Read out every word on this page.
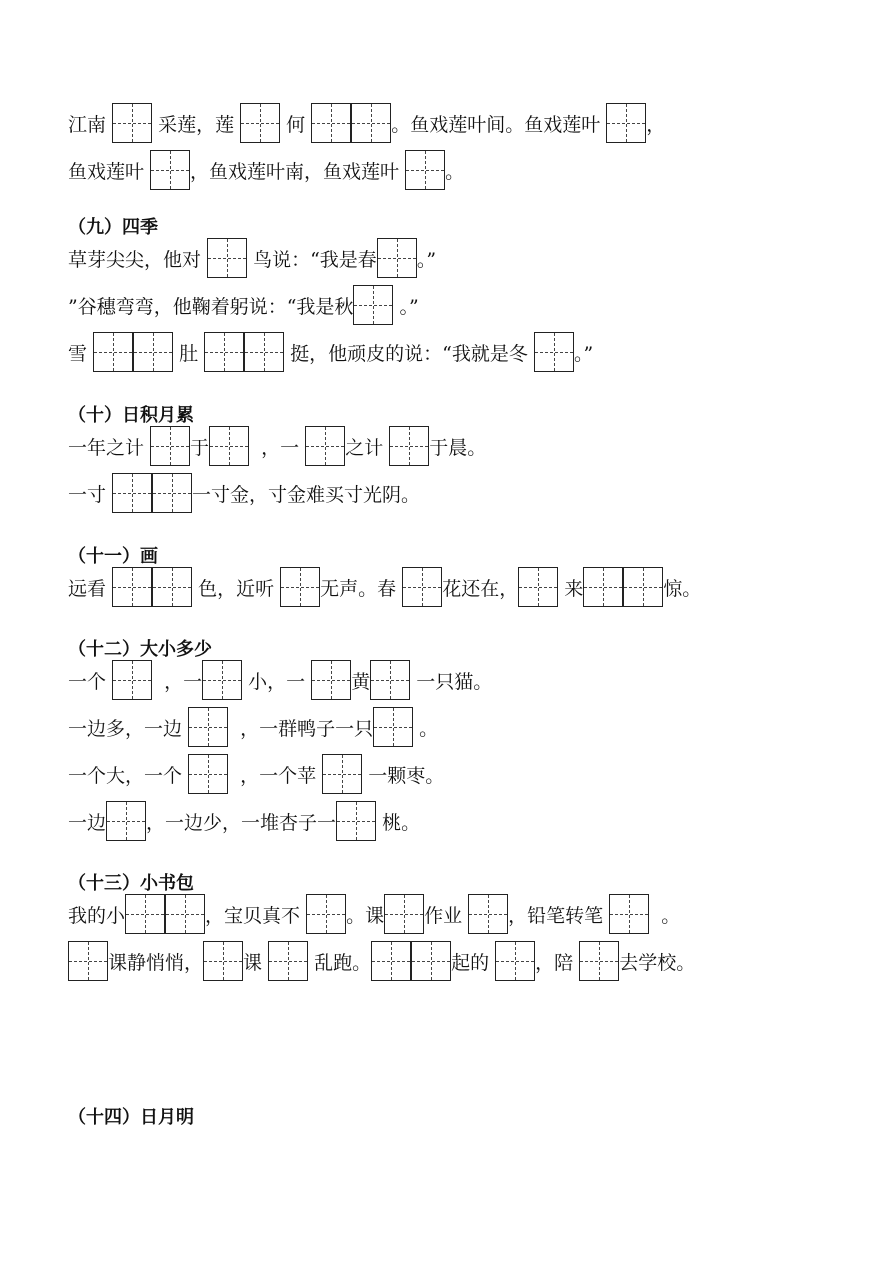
江南 采莲，莲 何	。鱼戏莲叶间。鱼戏莲叶 ，
鱼戏莲叶 ，鱼戏莲叶南，鱼戏莲叶 。
（九）四季
草芽尖尖，他对 鸟说：“我是春 。”
”谷穗弯弯，他鞠着躬说：“我是秋 。”
雪	肚	挺，他顽皮的说：“我就是冬 。”
（十）日积月累
一年之计 于 ，一 之计 于晨。
一寸	一寸金，寸金难买寸光阴。
（十一）画
远看	色，近听 无声。春 花还在， 来	惊。
（十二）大小多少
一个 ，一 小，一 黄 一只猫。
一边多，一边 ，一群鸭子一只 。
一个大，一个 ，一个苹 一颗枣。
一边 ，一边少，一堆杏子一 桃。
（十三）小书包
我的小	，宝贝真不 。课 作业 ，铅笔转笔 。
课静悄悄， 课 乱跑。	起的 ，陪 去学校。
（十四）日月明
